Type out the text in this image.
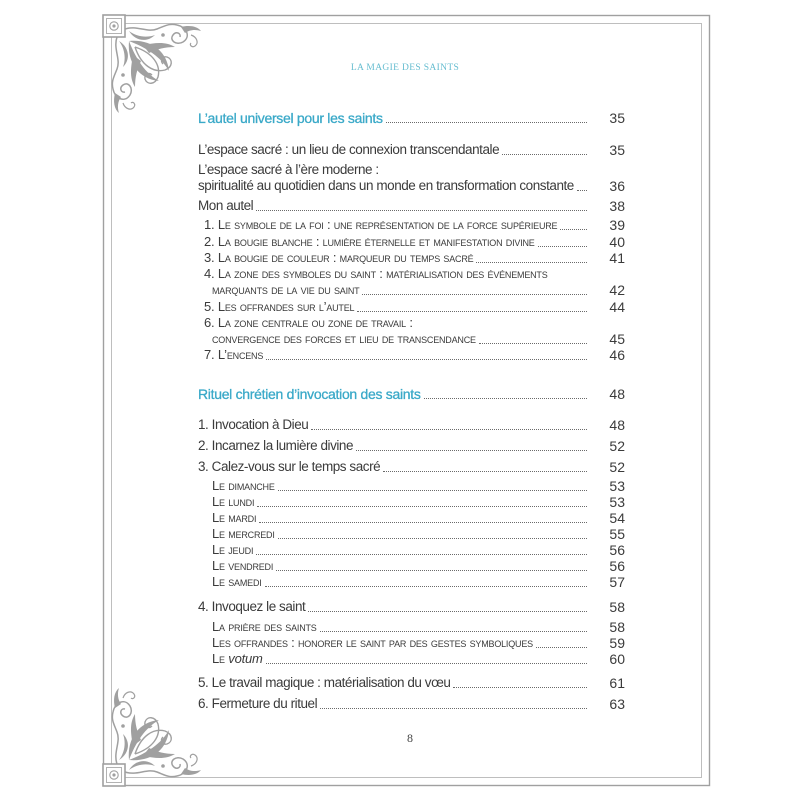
LA MAGIE DES SAINTS
L’autel universel pour les saints	35
L’espace sacré : un lieu de connexion transcendantale	35
L’espace sacré à l’ère moderne :
spiritualité au quotidien dans un monde en transformation constante	36
Mon autel	38
1. Le symbole de la foi : une représentation de la force supérieure	39
2. La bougie blanche : lumière éternelle et manifestation divine	40
3. La bougie de couleur : marqueur du temps sacré	41
4. La zone des symboles du saint : matérialisation des événements
marquants de la vie du saint	42
5. Les offrandes sur l’autel	44
6. La zone centrale ou zone de travail :
convergence des forces et lieu de transcendance	45
7. L’encens	46
Rituel chrétien d’invocation des saints	48
1. Invocation à Dieu	48
2. Incarnez la lumière divine	52
3. Calez-vous sur le temps sacré	52
Le dimanche	53
Le lundi	53
Le mardi	54
Le mercredi	55
Le jeudi	56
Le vendredi	56
Le samedi	57
4. Invoquez le saint	58
La prière des saints	58
Les offrandes : honorer le saint par des gestes symboliques	59
Le votum	60
5. Le travail magique : matérialisation du vœu	61
6. Fermeture du rituel	63
8
